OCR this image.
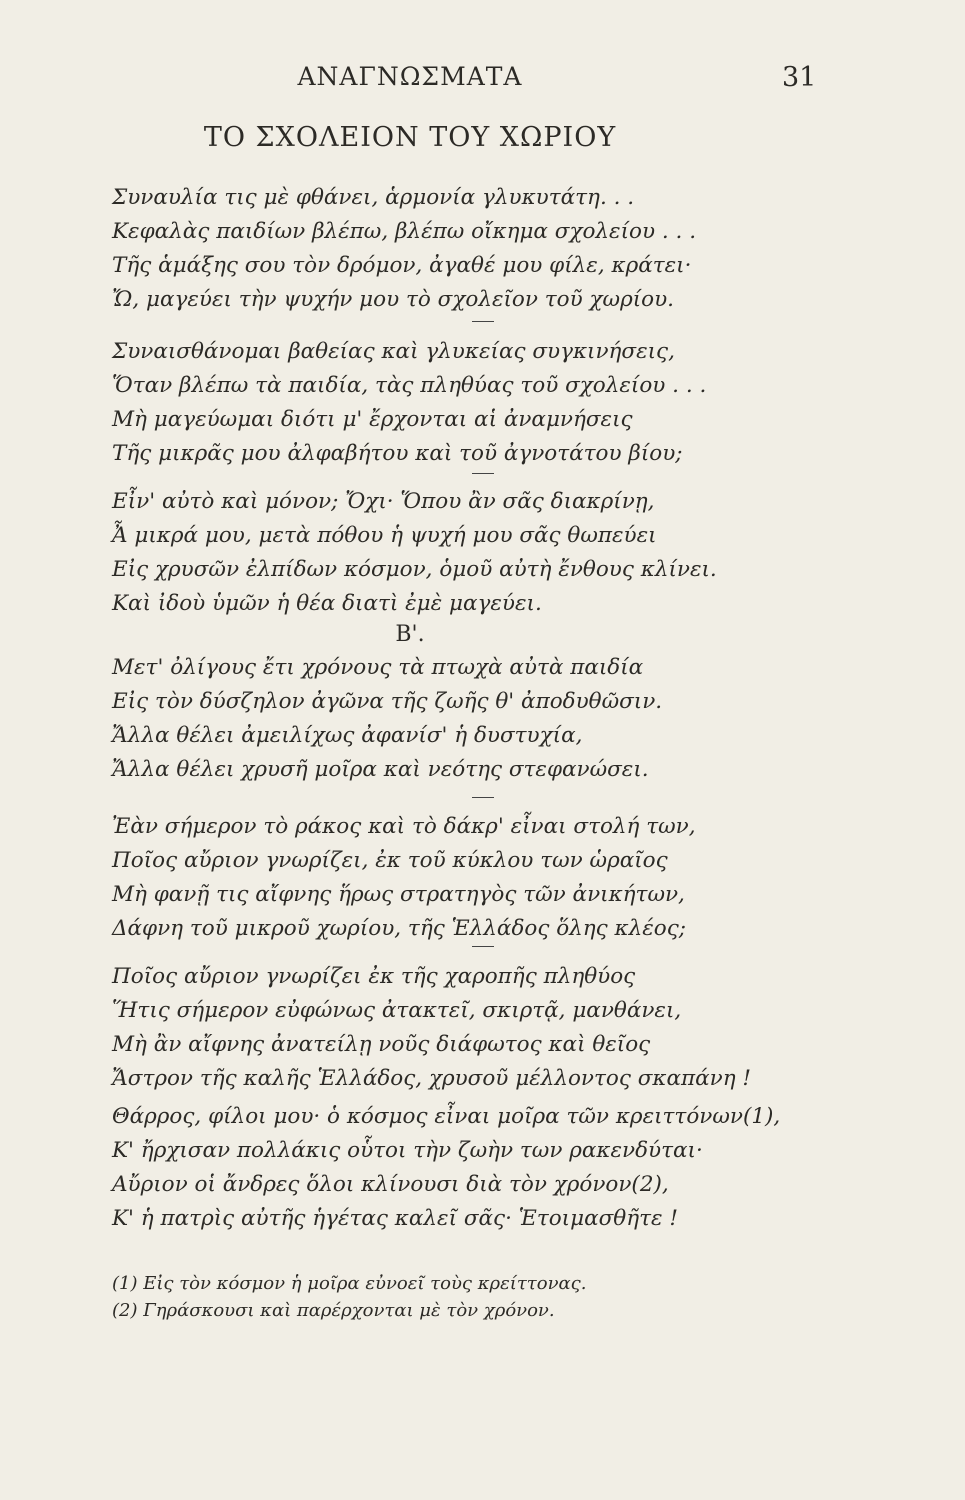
ΑΝΑΓΝΩΣΜΑΤΑ	31
ΤΟ ΣΧΟΛΕΙΟΝ ΤΟΥ ΧΩΡΙΟΥ
Συναυλία τις μὲ φθάνει, ἁρμονία γλυκυτάτη. . .
Κεφαλὰς παιδίων βλέπω, βλέπω οἴκημα σχολείου . . .
Τῆς ἁμάξης σου τὸν δρόμον, ἀγαθέ μου φίλε, κράτει·
Ὤ, μαγεύει τὴν ψυχήν μου τὸ σχολεῖον τοῦ χωρίου.
Συναισθάνομαι βαθείας καὶ γλυκείας συγκινήσεις,
Ὅταν βλέπω τὰ παιδία, τὰς πληθύας τοῦ σχολείου . . .
Μὴ μαγεύωμαι διότι μ' ἔρχονται αἱ ἀναμνήσεις
Τῆς μικρᾶς μου ἀλφαβήτου καὶ τοῦ ἀγνοτάτου βίου;
Εἶν' αὐτὸ καὶ μόνον; Ὄχι· Ὅπου ἂν σᾶς διακρίνῃ,
Ἆ μικρά μου, μετὰ πόθου ἡ ψυχή μου σᾶς θωπεύει
Εἰς χρυσῶν ἐλπίδων κόσμον, ὁμοῦ αὐτὴ ἔνθους κλίνει.
Καὶ ἰδοὺ ὑμῶν ἡ θέα διατὶ ἐμὲ μαγεύει.
Β'.
Μετ' ὀλίγους ἔτι χρόνους τὰ πτωχὰ αὐτὰ παιδία
Εἰς τὸν δύσζηλον ἀγῶνα τῆς ζωῆς θ' ἀποδυθῶσιν.
Ἄλλα θέλει ἀμειλίχως ἀφανίσ' ἡ δυστυχία,
Ἄλλα θέλει χρυσῆ μοῖρα καὶ νεότης στεφανώσει.
Ἐὰν σήμερον τὸ ράκος καὶ τὸ δάκρ' εἶναι στολή των,
Ποῖος αὔριον γνωρίζει, ἐκ τοῦ κύκλου των ὡραῖος
Μὴ φανῇ τις αἴφνης ἥρως στρατηγὸς τῶν ἀνικήτων,
Δάφνη τοῦ μικροῦ χωρίου, τῆς Ἑλλάδος ὅλης κλέος;
Ποῖος αὔριον γνωρίζει ἐκ τῆς χαροπῆς πληθύος
Ἥτις σήμερον εὐφώνως ἀτακτεῖ, σκιρτᾷ, μανθάνει,
Μὴ ἂν αἴφνης ἀνατείλῃ νοῦς διάφωτος καὶ θεῖος
Ἄστρον τῆς καλῆς Ἑλλάδος, χρυσοῦ μέλλοντος σκαπάνη !
Θάρρος, φίλοι μου· ὁ κόσμος εἶναι μοῖρα τῶν κρειττόνων(1),
Κ' ἤρχισαν πολλάκις οὗτοι τὴν ζωὴν των ρακενδύται·
Αὔριον οἱ ἄνδρες ὅλοι κλίνουσι διὰ τὸν χρόνον(2),
Κ' ἡ πατρὶς αὐτῆς ἡγέτας καλεῖ σᾶς· Ἑτοιμασθῆτε !
(1) Εἰς τὸν κόσμον ἡ μοῖρα εὐνοεῖ τοὺς κρείττονας.
(2) Γηράσκουσι καὶ παρέρχονται μὲ τὸν χρόνον.
